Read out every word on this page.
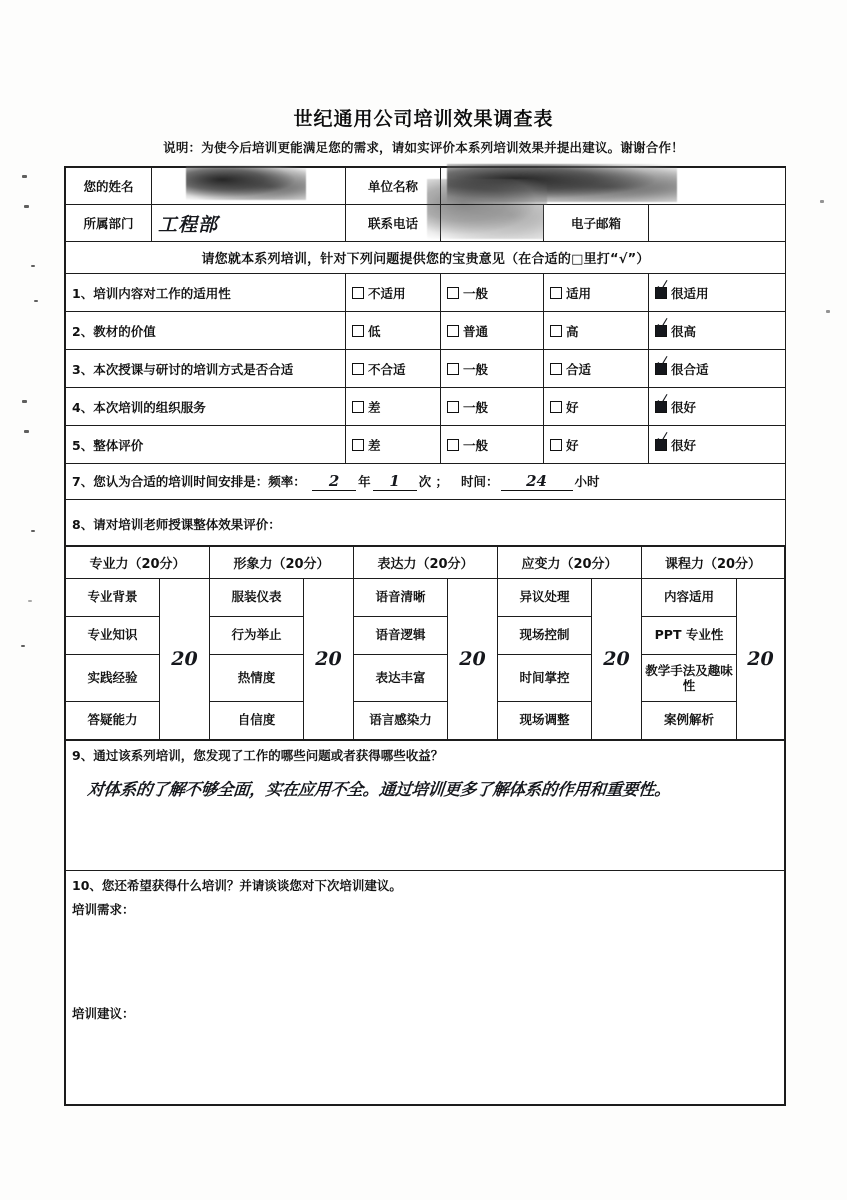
世纪通用公司培训效果调查表
说明：为使今后培训更能满足您的需求，请如实评价本系列培训效果并提出建议。谢谢合作！
您的姓名		单位名称			

所属部门	工程部	联系电话		电子邮箱	
请您就本系列培训，针对下列问题提供您的宝贵意见（在合适的□里打“√”）					
1、培训内容对工作的适用性		不适用	一般	适用	✓ 很适用
2、教材的价值		低	普通	高	✓ 很高
3、本次授课与研讨的培训方式是否合适		不合适	一般	合适	✓ 很合适
4、本次培训的组织服务		差	一般	好	✓ 很好
5、整体评价		差	一般	好	✓ 很好
7、您认为合适的培训时间安排是：频率： 2 年 1 次 ； 时间： 24 小时					
8、请对培训老师授课整体效果评价：					
专业力（20分）		形象力（20分）		表达力（20分）		应变力（20分）		课程力（20分）	
专业背景	20	服装仪表	20	语音清晰	20	异议处理	20	内容适用	20
专业知识		行为举止		语音逻辑		现场控制		PPT 专业性	
实践经验		热情度		表达丰富		时间掌控		教学手法及趣味性	
答疑能力		自信度		语言感染力		现场调整		案例解析	
9、通过该系列培训，您发现了工作的哪些问题或者获得哪些收益？
对体系的了解不够全面，实在应用不全。通过培训更多了解体系的作用和重要性。

10、您还希望获得什么培训？并请谈谈您对下次培训建议。
培训需求：
培训建议：
